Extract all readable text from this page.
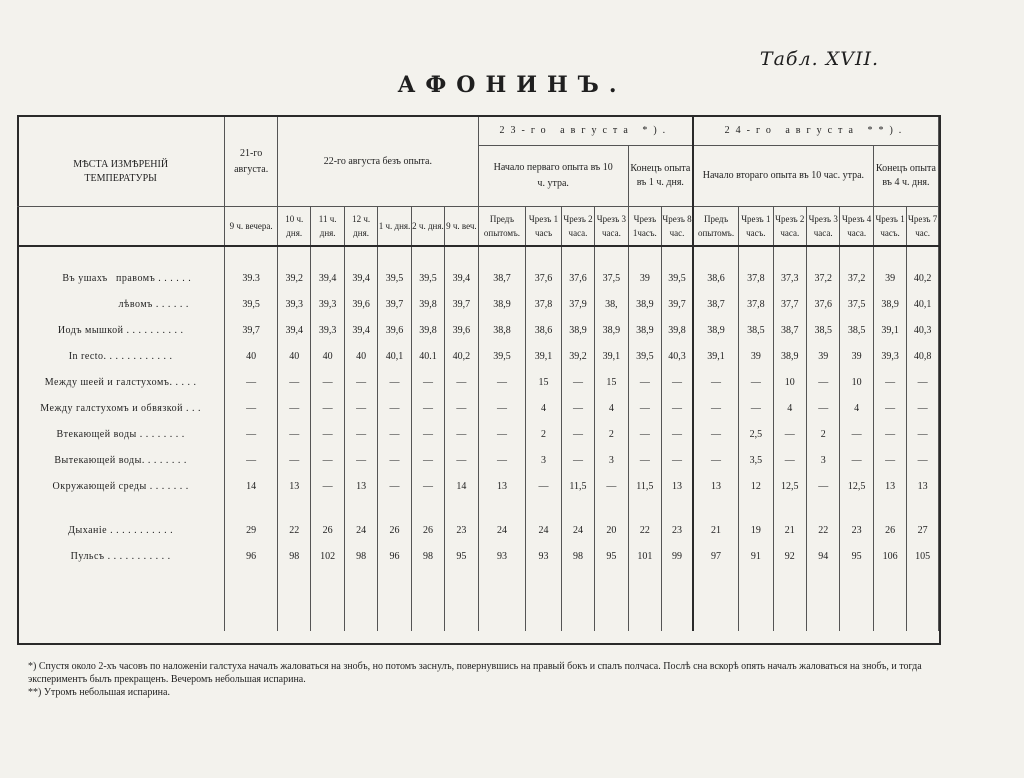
Табл. XVII.
АФОНИНЪ.
МѢСТА ИЗМѢРЕНІЙ
ТЕМПЕРАТУРЫ	21-го августа.	22-го августа безъ опыта.						23-го августа *).						24-го августа **).						
								Начало перваго опыта въ 10 ч. утра.				Конецъ опыта въ 1 ч. дня.		Начало втораго опыта въ 10 час. утра.					Конецъ опыта въ 4 ч. дня.	
	9 ч. вечера.	10 ч. дня.	11 ч. дня.	12 ч. дня.	1 ч. дня.	2 ч. дня.	9 ч. веч.	Предъ опытомъ.	Чрезъ 1 часъ	Чрезъ 2 часа.	Чрезъ 3 часа.	Чрезъ 1часъ.	Чрезъ 8 час.	Предъ опытомъ.	Чрезъ 1 часъ.	Чрезъ 2 часа.	Чрезъ 3 часа.	Чрезъ 4 часа.	Чрезъ 1 часъ.	Чрезъ 7 час.

Въ ушахъ правомъ . . . . . .	39.3	39,2	39,4	39,4	39,5	39,5	39,4	38,7	37,6	37,6	37,5	39	39,5	38,6	37,8	37,3	37,2	37,2	39	40,2
лѣвомъ . . . . . .	39,5	39,3	39,3	39,6	39,7	39,8	39,7	38,9	37,8	37,9	38,	38,9	39,7	38,7	37,8	37,7	37,6	37,5	38,9	40,1
Иодъ мышкой . . . . . . . . . .	39,7	39,4	39,3	39,4	39,6	39,8	39,6	38,8	38,6	38,9	38,9	38,9	39,8	38,9	38,5	38,7	38,5	38,5	39,1	40,3
In recto. . . . . . . . . . . .	40	40	40	40	40,1	40.1	40,2	39,5	39,1	39,2	39,1	39,5	40,3	39,1	39	38,9	39	39	39,3	40,8
Между шеей и галстухомъ. . . . .	—	—	—	—	—	—	—	—	15	—	15	—	—	—	—	10	—	10	—	—
Между галстухомъ и обвязкой . . .	—	—	—	—	—	—	—	—	4	—	4	—	—	—	—	4	—	4	—	—
Втекающей воды . . . . . . . .	—	—	—	—	—	—	—	—	2	—	2	—	—	—	2,5	—	2	—	—	—
Вытекающей воды. . . . . . . .	—	—	—	—	—	—	—	—	3	—	3	—	—	—	3,5	—	3	—	—	—
Окружающей среды . . . . . . .	14	13	—	13	—	—	14	13	—	11,5	—	11,5	13	13	12	12,5	—	12,5	13	13

Дыханіе . . . . . . . . . . .	29	22	26	24	26	26	23	24	24	24	20	22	23	21	19	21	22	23	26	27
Пульсъ . . . . . . . . . . .	96	98	102	98	96	98	95	93	93	98	95	101	99	97	91	92	94	95	106	105

*) Спустя около 2-хъ часовъ по наложеніи галстуха началъ жаловаться на знобъ, но потомъ заснулъ, повернувшись на правый бокъ и спалъ полчаса. Послѣ сна вскорѣ опять началъ жаловаться на знобъ, и тогда экспериментъ былъ прекращенъ. Вечеромъ небольшая испарина.

**) Утромъ небольшая испарина.
